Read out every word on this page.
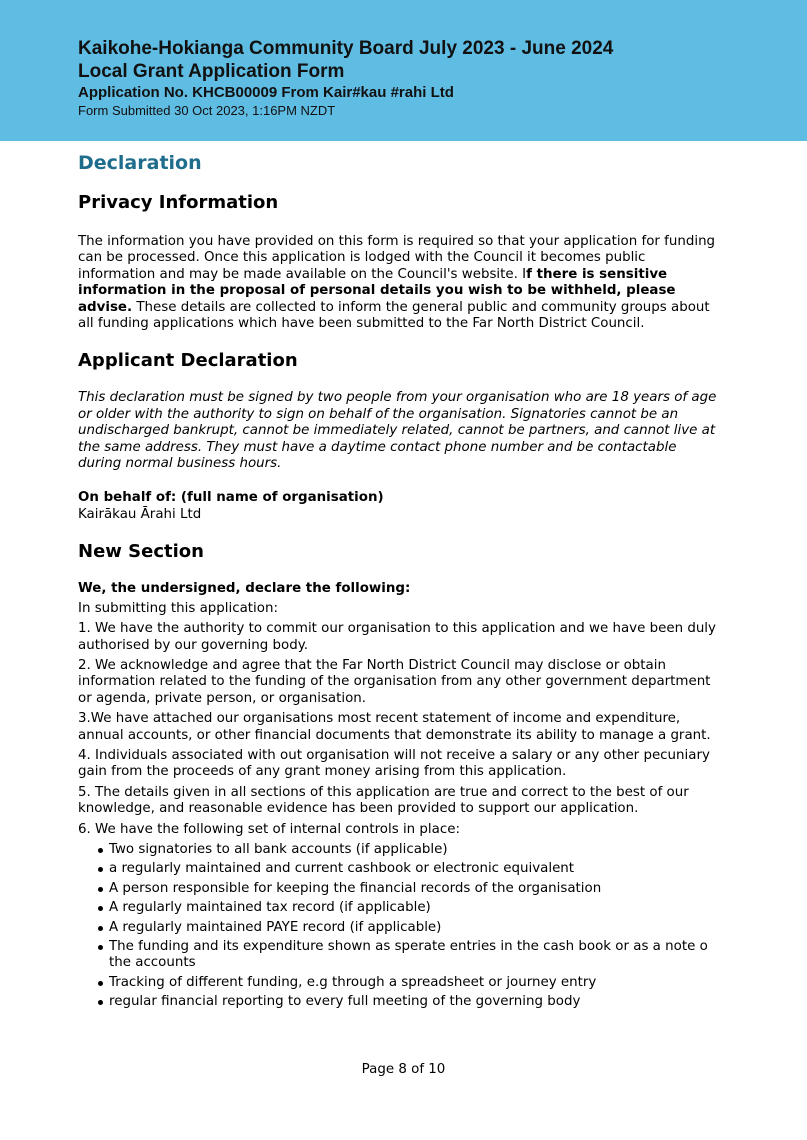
Kaikohe-Hokianga Community Board July 2023 - June 2024
Local Grant Application Form
Application No. KHCB00009 From Kair#kau #rahi Ltd
Form Submitted 30 Oct 2023, 1:16PM NZDT
Declaration
Privacy Information

The information you have provided on this form is required so that your application for funding can be processed. Once this application is lodged with the Council it becomes public information and may be made available on the Council's website. If there is sensitive information in the proposal of personal details you wish to be withheld, please advise. These details are collected to inform the general public and community groups about all funding applications which have been submitted to the Far North District Council.

Applicant Declaration

This declaration must be signed by two people from your organisation who are 18 years of age or older with the authority to sign on behalf of the organisation. Signatories cannot be an undischarged bankrupt, cannot be immediately related, cannot be partners, and cannot live at the same address. They must have a daytime contact phone number and be contactable during normal business hours.

On behalf of: (full name of organisation)

Kairākau Ārahi Ltd

New Section

We, the undersigned, declare the following:

In submitting this application:

1. We have the authority to commit our organisation to this application and we have been duly authorised by our governing body.

2. We acknowledge and agree that the Far North District Council may disclose or obtain information related to the funding of the organisation from any other government department or agenda, private person, or organisation.

3.We have attached our organisations most recent statement of income and expenditure, annual accounts, or other financial documents that demonstrate its ability to manage a grant.

4. Individuals associated with out organisation will not receive a salary or any other pecuniary gain from the proceeds of any grant money arising from this application.

5. The details given in all sections of this application are true and correct to the best of our knowledge, and reasonable evidence has been provided to support our application.

6. We have the following set of internal controls in place:

Two signatories to all bank accounts (if applicable)
a regularly maintained and current cashbook or electronic equivalent
A person responsible for keeping the financial records of the organisation
A regularly maintained tax record (if applicable)
A regularly maintained PAYE record (if applicable)
The funding and its expenditure shown as sperate entries in the cash book or as a note o the accounts
Tracking of different funding, e.g through a spreadsheet or journey entry
regular financial reporting to every full meeting of the governing body
Page 8 of 10
